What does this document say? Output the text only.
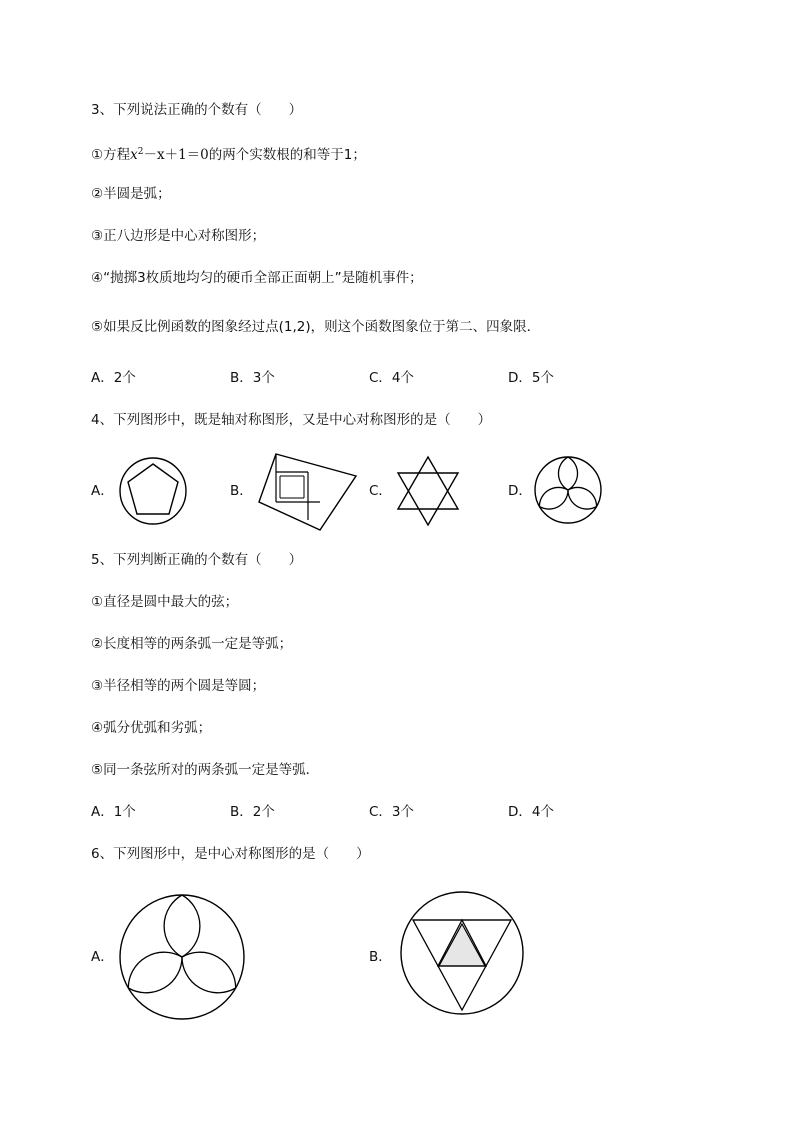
3、下列说法正确的个数有（　　）
①方程$x^2-x+1=0$的两个实数根的和等于1；
②半圆是弧；
③正八边形是中心对称图形；
④“抛掷3枚质地均匀的硬币全部正面朝上”是随机事件；
⑤如果反比例函数的图象经过点(1,2)，则这个函数图象位于第二、四象限．
A．2个	B．3个	C．4个	D．5个
4、下列图形中，既是轴对称图形，又是中心对称图形的是（　　）
A．	B．	C．	D．
5、下列判断正确的个数有（　　）
①直径是圆中最大的弦；
②长度相等的两条弧一定是等弧；
③半径相等的两个圆是等圆；
④弧分优弧和劣弧；
⑤同一条弦所对的两条弧一定是等弧．
A．1个	B．2个	C．3个	D．4个
6、下列图形中，是中心对称图形的是（　　）
A．	B．
